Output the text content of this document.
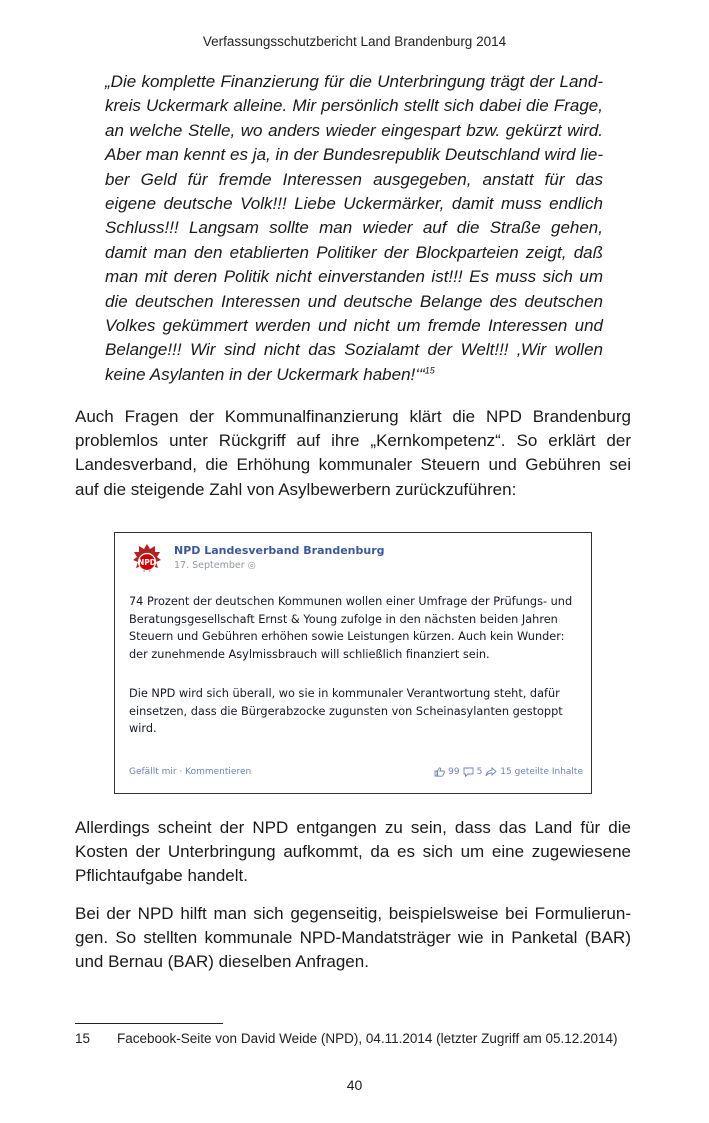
Verfassungsschutzbericht Land Brandenburg 2014
„Die komplette Finanzierung für die Unterbringung trägt der Landkreis Uckermark alleine. Mir persönlich stellt sich dabei die Frage, an welche Stelle, wo anders wieder eingespart bzw. gekürzt wird. Aber man kennt es ja, in der Bundesrepublik Deutschland wird lieber Geld für fremde Interessen ausgegeben, anstatt für das eigene deutsche Volk!!! Liebe Uckermärker, damit muss endlich Schluss!!! Langsam sollte man wieder auf die Straße gehen, damit man den etablierten Politiker der Blockparteien zeigt, daß man mit deren Politik nicht einverstanden ist!!! Es muss sich um die deutschen Interessen und deutsche Belange des deutschen Volkes gekümmert werden und nicht um fremde Interessen und Belange!!! Wir sind nicht das Sozialamt der Welt!!! ‚Wir wollen keine Asylanten in der Uckermark haben!‘“$^{15}$
Auch Fragen der Kommunalfinanzierung klärt die NPD Brandenburg problemlos unter Rückgriff auf ihre „Kernkompetenz“. So erklärt der Landesverband, die Erhöhung kommunaler Steuern und Gebühren sei auf die steigende Zahl von Asylbewerbern zurückzuführen:
NPD
NPD Landesverband Brandenburg
17. September ◎
74 Prozent der deutschen Kommunen wollen einer Umfrage der Prüfungs- und Beratungsgesellschaft Ernst & Young zufolge in den nächsten beiden Jahren Steuern und Gebühren erhöhen sowie Leistungen kürzen. Auch kein Wunder: der zunehmende Asylmissbrauch will schließlich finanziert sein.
Die NPD wird sich überall, wo sie in kommunaler Verantwortung steht, dafür einsetzen, dass die Bürgerabzocke zugunsten von Scheinasylanten gestoppt wird.
Gefällt mir · Kommentieren	99 5 15 geteilte Inhalte
Allerdings scheint der NPD entgangen zu sein, dass das Land für die Kosten der Unterbringung aufkommt, da es sich um eine zugewiesene Pflichtaufgabe handelt.
Bei der NPD hilft man sich gegenseitig, beispielsweise bei Formulierungen. So stellten kommunale NPD-Mandatsträger wie in Panketal (BAR) und Bernau (BAR) dieselben Anfragen.
15 Facebook-Seite von David Weide (NPD), 04.11.2014 (letzter Zugriff am 05.12.2014)
40
